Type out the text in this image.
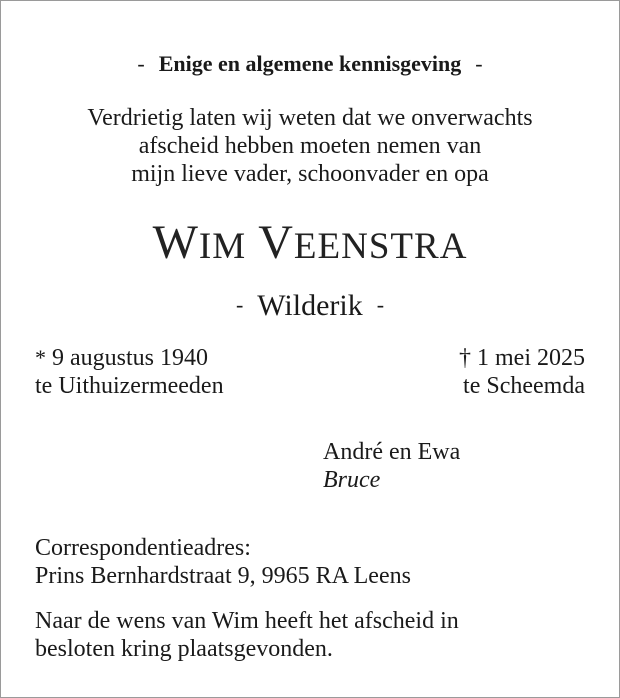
- Enige en algemene kennisgeving -
Verdrietig laten wij weten dat we onverwachts
afscheid hebben moeten nemen van
mijn lieve vader, schoonvader en opa
WIM VEENSTRA
- Wilderik -
* 9 augustus 1940
te Uithuizermeeden
† 1 mei 2025
te Scheemda
André en Ewa
Bruce
Correspondentieadres:
Prins Bernhardstraat 9, 9965 RA Leens
Naar de wens van Wim heeft het afscheid in
besloten kring plaatsgevonden.
